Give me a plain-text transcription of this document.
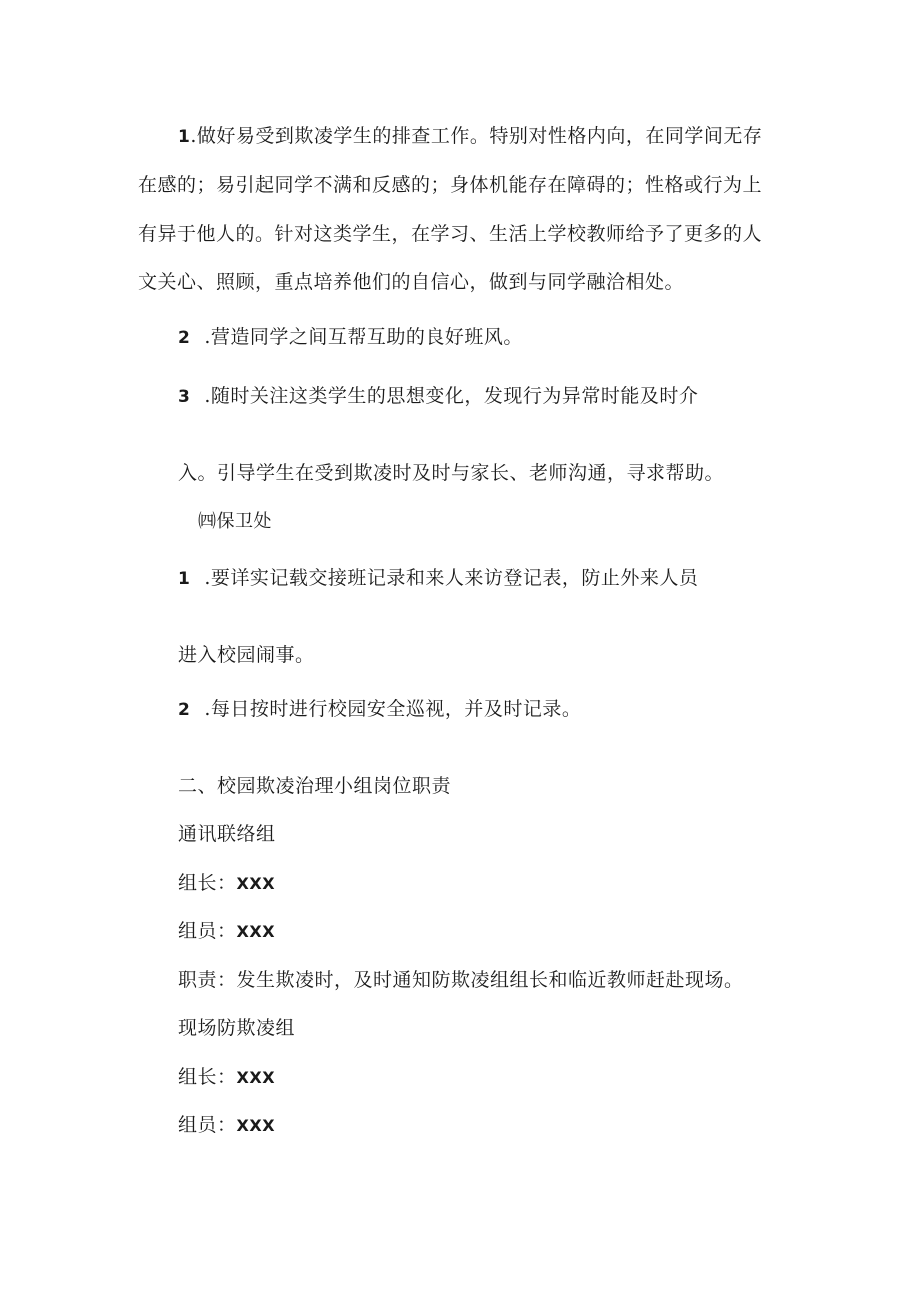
1.做好易受到欺凌学生的排查工作。特别对性格内向，在同学间无存
在感的；易引起同学不满和反感的；身体机能存在障碍的；性格或行为上
有异于他人的。针对这类学生，在学习、生活上学校教师给予了更多的人
文关心、照顾，重点培养他们的自信心，做到与同学融洽相处。
2 .营造同学之间互帮互助的良好班风。
3 .随时关注这类学生的思想变化，发现行为异常时能及时介
入。引导学生在受到欺凌时及时与家长、老师沟通，寻求帮助。
㈣保卫处
1 .要详实记载交接班记录和来人来访登记表，防止外来人员
进入校园闹事。
2 .每日按时进行校园安全巡视，并及时记录。
二、校园欺凌治理小组岗位职责
通讯联络组
组长：XXX
组员：XXX
职责：发生欺凌时，及时通知防欺凌组组长和临近教师赶赴现场。
现场防欺凌组
组长：XXX
组员：XXX
